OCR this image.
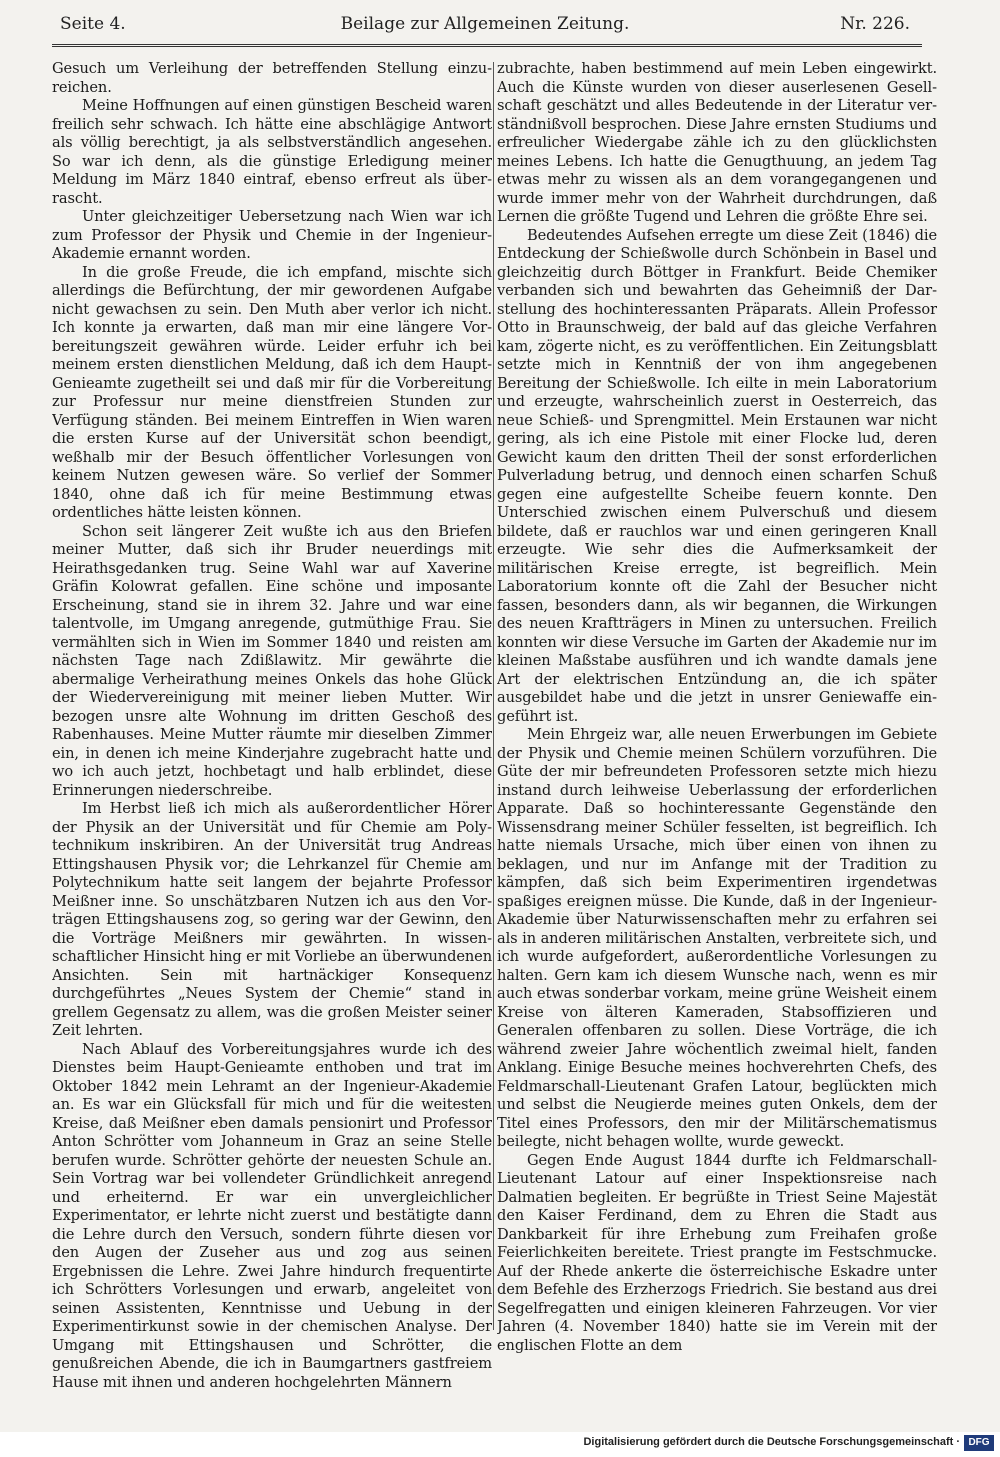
Seite 4.	Beilage zur Allgemeinen Zeitung.	Nr. 226.

Gesuch um Verleihung der betreffenden Stellung einzureichen.

Meine Hoffnungen auf einen günstigen Bescheid waren freilich sehr schwach. Ich hätte eine abschlägige Antwort als völlig berechtigt, ja als selbstverständlich angesehen. So war ich denn, als die günstige Erledigung meiner Meldung im März 1840 eintraf, ebenso erfreut als überrascht.

Unter gleichzeitiger Uebersetzung nach Wien war ich zum Professor der Physik und Chemie in der IngenieurAkademie ernannt worden.

In die große Freude, die ich empfand, mischte sich allerdings die Befürchtung, der mir gewordenen Aufgabe nicht gewachsen zu sein. Den Muth aber verlor ich nicht. Ich konnte ja erwarten, daß man mir eine längere Vorbereitungszeit gewähren würde. Leider erfuhr ich bei meinem ersten dienstlichen Meldung, daß ich dem Haupt-Genieamte zugetheilt sei und daß mir für die Vorbereitung zur Professur nur meine dienstfreien Stunden zur Verfügung ständen. Bei meinem Eintreffen in Wien waren die ersten Kurse auf der Universität schon beendigt, weßhalb mir der Besuch öffentlicher Vorlesungen von keinem Nutzen gewesen wäre. So verlief der Sommer 1840, ohne daß ich für meine Bestimmung etwas ordentliches hätte leisten können.

Schon seit längerer Zeit wußte ich aus den Briefen meiner Mutter, daß sich ihr Bruder neuerdings mit Heirathsgedanken trug. Seine Wahl war auf Xaverine Gräfin Kolowrat gefallen. Eine schöne und imposante Erscheinung, stand sie in ihrem 32. Jahre und war eine talentvolle, im Umgang anregende, gutmüthige Frau. Sie vermählten sich in Wien im Sommer 1840 und reisten am nächsten Tage nach Zdißlawitz. Mir gewährte die abermalige Verheirathung meines Onkels das hohe Glück der Wiedervereinigung mit meiner lieben Mutter. Wir bezogen unsre alte Wohnung im dritten Geschoß des Rabenhauses. Meine Mutter räumte mir dieselben Zimmer ein, in denen ich meine Kinderjahre zugebracht hatte und wo ich auch jetzt, hochbetagt und halb erblindet, diese Erinnerungen niederschreibe.

Im Herbst ließ ich mich als außerordentlicher Hörer der Physik an der Universität und für Chemie am Polytechnikum inskribiren. An der Universität trug Andreas Ettingshausen Physik vor; die Lehrkanzel für Chemie am Polytechnikum hatte seit langem der bejahrte Professor Meißner inne. So unschätzbaren Nutzen ich aus den Vorträgen Ettingshausens zog, so gering war der Gewinn, den die Vorträge Meißners mir gewährten. In wissenschaftlicher Hinsicht hing er mit Vorliebe an überwundenen Ansichten. Sein mit hartnäckiger Konsequenz durchgeführtes „Neues System der Chemie“ stand in grellem Gegensatz zu allem, was die großen Meister seiner Zeit lehrten.

Nach Ablauf des Vorbereitungsjahres wurde ich des Dienstes beim Haupt-Genieamte enthoben und trat im Oktober 1842 mein Lehramt an der Ingenieur-Akademie an. Es war ein Glücksfall für mich und für die weitesten Kreise, daß Meißner eben damals pensionirt und Professor Anton Schrötter vom Johanneum in Graz an seine Stelle berufen wurde. Schrötter gehörte der neuesten Schule an. Sein Vortrag war bei vollendeter Gründlichkeit anregend und erheiternd. Er war ein unvergleichlicher Experimentator, er lehrte nicht zuerst und bestätigte dann die Lehre durch den Versuch, sondern führte diesen vor den Augen der Zuseher aus und zog aus seinen Ergebnissen die Lehre. Zwei Jahre hindurch frequentirte ich Schrötters Vorlesungen und erwarb, angeleitet von seinen Assistenten, Kenntnisse und Uebung in der Experimentirkunst sowie in der chemischen Analyse. Der Umgang mit Ettingshausen und Schrötter, die genußreichen Abende, die ich in Baumgartners gastfreiem Hause mit ihnen und anderen hochgelehrten Männern

zubrachte, haben bestimmend auf mein Leben eingewirkt. Auch die Künste wurden von dieser auserlesenen Gesellschaft geschätzt und alles Bedeutende in der Literatur verständnißvoll besprochen. Diese Jahre ernsten Studiums und erfreulicher Wiedergabe zähle ich zu den glücklichsten meines Lebens. Ich hatte die Genugthuung, an jedem Tag etwas mehr zu wissen als an dem vorangegangenen und wurde immer mehr von der Wahrheit durchdrungen, daß Lernen die größte Tugend und Lehren die größte Ehre sei.

Bedeutendes Aufsehen erregte um diese Zeit (1846) die Entdeckung der Schießwolle durch Schönbein in Basel und gleichzeitig durch Böttger in Frankfurt. Beide Chemiker verbanden sich und bewahrten das Geheimniß der Darstellung des hochinteressanten Präparats. Allein Professor Otto in Braunschweig, der bald auf das gleiche Verfahren kam, zögerte nicht, es zu veröffentlichen. Ein Zeitungsblatt setzte mich in Kenntniß der von ihm angegebenen Bereitung der Schießwolle. Ich eilte in mein Laboratorium und erzeugte, wahrscheinlich zuerst in Oesterreich, das neue Schieß- und Sprengmittel. Mein Erstaunen war nicht gering, als ich eine Pistole mit einer Flocke lud, deren Gewicht kaum den dritten Theil der sonst erforderlichen Pulverladung betrug, und dennoch einen scharfen Schuß gegen eine aufgestellte Scheibe feuern konnte. Den Unterschied zwischen einem Pulverschuß und diesem bildete, daß er rauchlos war und einen geringeren Knall erzeugte. Wie sehr dies die Aufmerksamkeit der militärischen Kreise erregte, ist begreiflich. Mein Laboratorium konnte oft die Zahl der Besucher nicht fassen, besonders dann, als wir begannen, die Wirkungen des neuen Kraftträgers in Minen zu untersuchen. Freilich konnten wir diese Versuche im Garten der Akademie nur im kleinen Maßstabe ausführen und ich wandte damals jene Art der elektrischen Entzündung an, die ich später ausgebildet habe und die jetzt in unsrer Geniewaffe eingeführt ist.

Mein Ehrgeiz war, alle neuen Erwerbungen im Gebiete der Physik und Chemie meinen Schülern vorzuführen. Die Güte der mir befreundeten Professoren setzte mich hiezu instand durch leihweise Ueberlassung der erforderlichen Apparate. Daß so hochinteressante Gegenstände den Wissensdrang meiner Schüler fesselten, ist begreiflich. Ich hatte niemals Ursache, mich über einen von ihnen zu beklagen, und nur im Anfange mit der Tradition zu kämpfen, daß sich beim Experimentiren irgendetwas spaßiges ereignen müsse. Die Kunde, daß in der Ingenieur-Akademie über Naturwissenschaften mehr zu erfahren sei als in anderen militärischen Anstalten, verbreitete sich, und ich wurde aufgefordert, außerordentliche Vorlesungen zu halten. Gern kam ich diesem Wunsche nach, wenn es mir auch etwas sonderbar vorkam, meine grüne Weisheit einem Kreise von älteren Kameraden, Stabsoffizieren und Generalen offenbaren zu sollen. Diese Vorträge, die ich während zweier Jahre wöchentlich zweimal hielt, fanden Anklang. Einige Besuche meines hochverehrten Chefs, des Feldmarschall-Lieutenant Grafen Latour, beglückten mich und selbst die Neugierde meines guten Onkels, dem der Titel eines Professors, den mir der Militärschematismus beilegte, nicht behagen wollte, wurde geweckt.

Gegen Ende August 1844 durfte ich Feldmarschall-Lieutenant Latour auf einer Inspektionsreise nach Dalmatien begleiten. Er begrüßte in Triest Seine Majestät den Kaiser Ferdinand, dem zu Ehren die Stadt aus Dankbarkeit für ihre Erhebung zum Freihafen große Feierlichkeiten bereitete. Triest prangte im Festschmucke. Auf der Rhede ankerte die österreichische Eskadre unter dem Befehle des Erzherzogs Friedrich. Sie bestand aus drei Segelfregatten und einigen kleineren Fahrzeugen. Vor vier Jahren (4. November 1840) hatte sie im Verein mit der englischen Flotte an dem

Digitalisierung gefördert durch die Deutsche Forschungsgemeinschaft · DFG
